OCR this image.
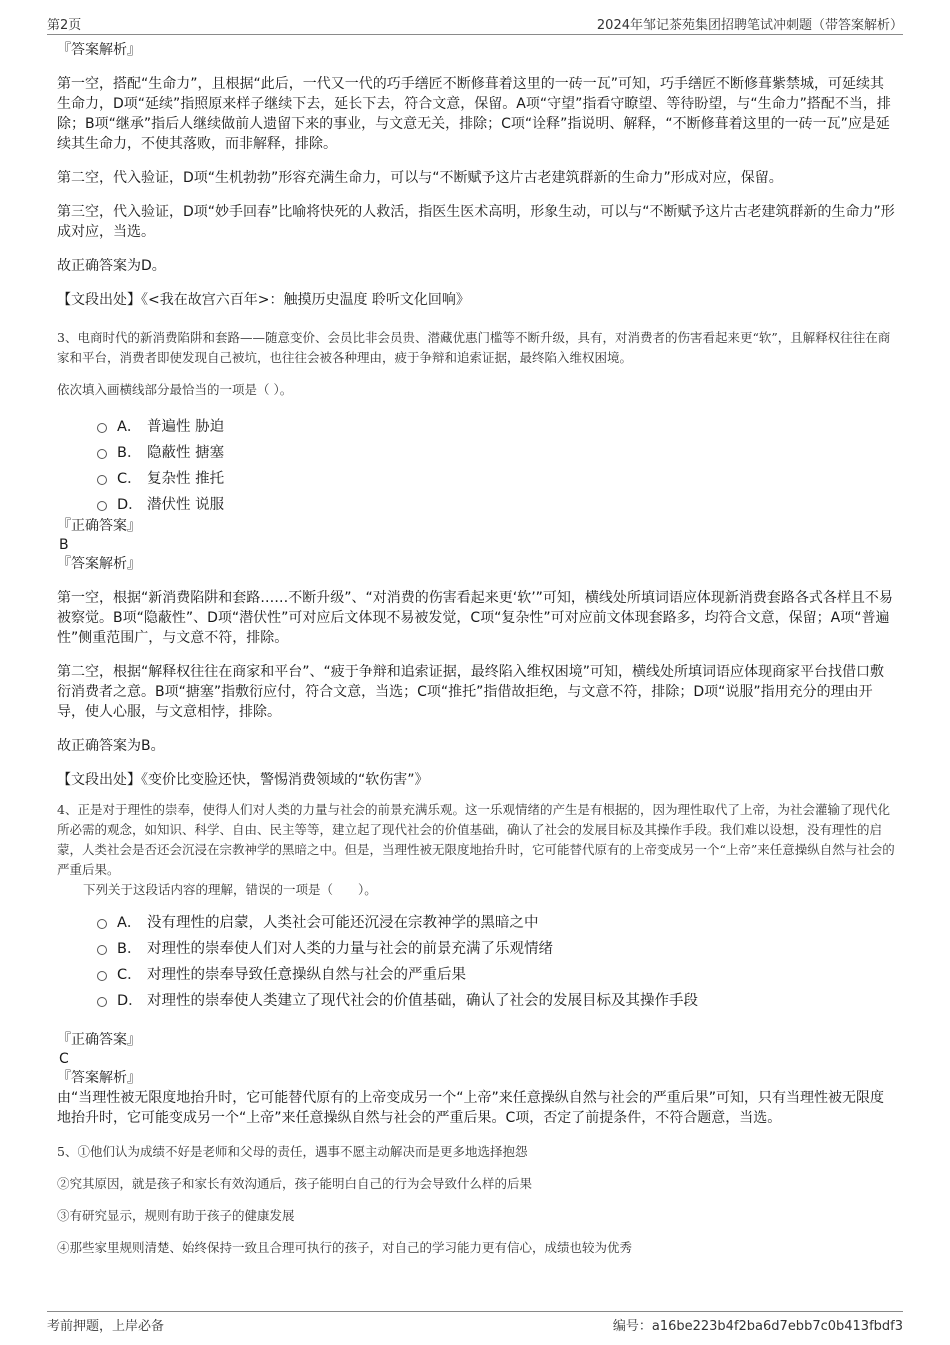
第2页	2024年邹记茶苑集团招聘笔试冲刺题（带答案解析）

『答案解析』

第一空，搭配“生命力”，且根据“此后，一代又一代的巧手缮匠不断修葺着这里的一砖一瓦”可知，巧手缮匠不断修葺紫禁城，可延续其生命力，D项“延续”指照原来样子继续下去，延长下去，符合文意，保留。A项“守望”指看守瞭望、等待盼望，与“生命力”搭配不当，排除；B项“继承”指后人继续做前人遗留下来的事业，与文意无关，排除；C项“诠释”指说明、解释，“不断修葺着这里的一砖一瓦”应是延续其生命力，不使其落败，而非解释，排除。

第二空，代入验证，D项“生机勃勃”形容充满生命力，可以与“不断赋予这片古老建筑群新的生命力”形成对应，保留。

第三空，代入验证，D项“妙手回春”比喻将快死的人救活，指医生医术高明，形象生动，可以与“不断赋予这片古老建筑群新的生命力”形成对应，当选。

故正确答案为D。

【文段出处】《<我在故宫六百年>：触摸历史温度 聆听文化回响》

3、电商时代的新消费陷阱和套路——随意变价、会员比非会员贵、潜藏优惠门槛等不断升级，具有，对消费者的伤害看起来更“软”，且解释权往往在商家和平台，消费者即使发现自己被坑，也往往会被各种理由，疲于争辩和追索证据，最终陷入维权困境。

依次填入画横线部分最恰当的一项是（ ）。

A． 普遍性 胁迫
B． 隐蔽性 搪塞
C． 复杂性 推托
D． 潜伏性 说服

『正确答案』

B

『答案解析』

第一空，根据“新消费陷阱和套路……不断升级”、“对消费的伤害看起来更‘软’”可知，横线处所填词语应体现新消费套路各式各样且不易被察觉。B项“隐蔽性”、D项“潜伏性”可对应后文体现不易被发觉，C项“复杂性”可对应前文体现套路多，均符合文意，保留；A项“普遍性”侧重范围广，与文意不符，排除。

第二空，根据“解释权往往在商家和平台”、“疲于争辩和追索证据，最终陷入维权困境”可知，横线处所填词语应体现商家平台找借口敷衍消费者之意。B项“搪塞”指敷衍应付，符合文意，当选；C项“推托”指借故拒绝，与文意不符，排除；D项“说服”指用充分的理由开导，使人心服，与文意相悖，排除。

故正确答案为B。

【文段出处】《变价比变脸还快，警惕消费领域的“软伤害”》

4、正是对于理性的崇奉，使得人们对人类的力量与社会的前景充满乐观。这一乐观情绪的产生是有根据的，因为理性取代了上帝，为社会灌输了现代化所必需的观念，如知识、科学、自由、民主等等，建立起了现代社会的价值基础，确认了社会的发展目标及其操作手段。我们难以设想，没有理性的启蒙，人类社会是否还会沉浸在宗教神学的黑暗之中。但是，当理性被无限度地抬升时，它可能替代原有的上帝变成另一个“上帝”来任意操纵自然与社会的严重后果。

下列关于这段话内容的理解，错误的一项是（　　）。

A． 没有理性的启蒙，人类社会可能还沉浸在宗教神学的黑暗之中
B． 对理性的崇奉使人们对人类的力量与社会的前景充满了乐观情绪
C． 对理性的崇奉导致任意操纵自然与社会的严重后果
D． 对理性的崇奉使人类建立了现代社会的价值基础，确认了社会的发展目标及其操作手段

『正确答案』

C

『答案解析』

由“当理性被无限度地抬升时，它可能替代原有的上帝变成另一个“上帝”来任意操纵自然与社会的严重后果”可知，只有当理性被无限度地抬升时，它可能变成另一个“上帝”来任意操纵自然与社会的严重后果。C项，否定了前提条件，不符合题意，当选。

5、①他们认为成绩不好是老师和父母的责任，遇事不愿主动解决而是更多地选择抱怨

②究其原因，就是孩子和家长有效沟通后，孩子能明白自己的行为会导致什么样的后果

③有研究显示，规则有助于孩子的健康发展

④那些家里规则清楚、始终保持一致且合理可执行的孩子，对自己的学习能力更有信心，成绩也较为优秀

考前押题，上岸必备	编号：a16be223b4f2ba6d7ebb7c0b413fbdf3
